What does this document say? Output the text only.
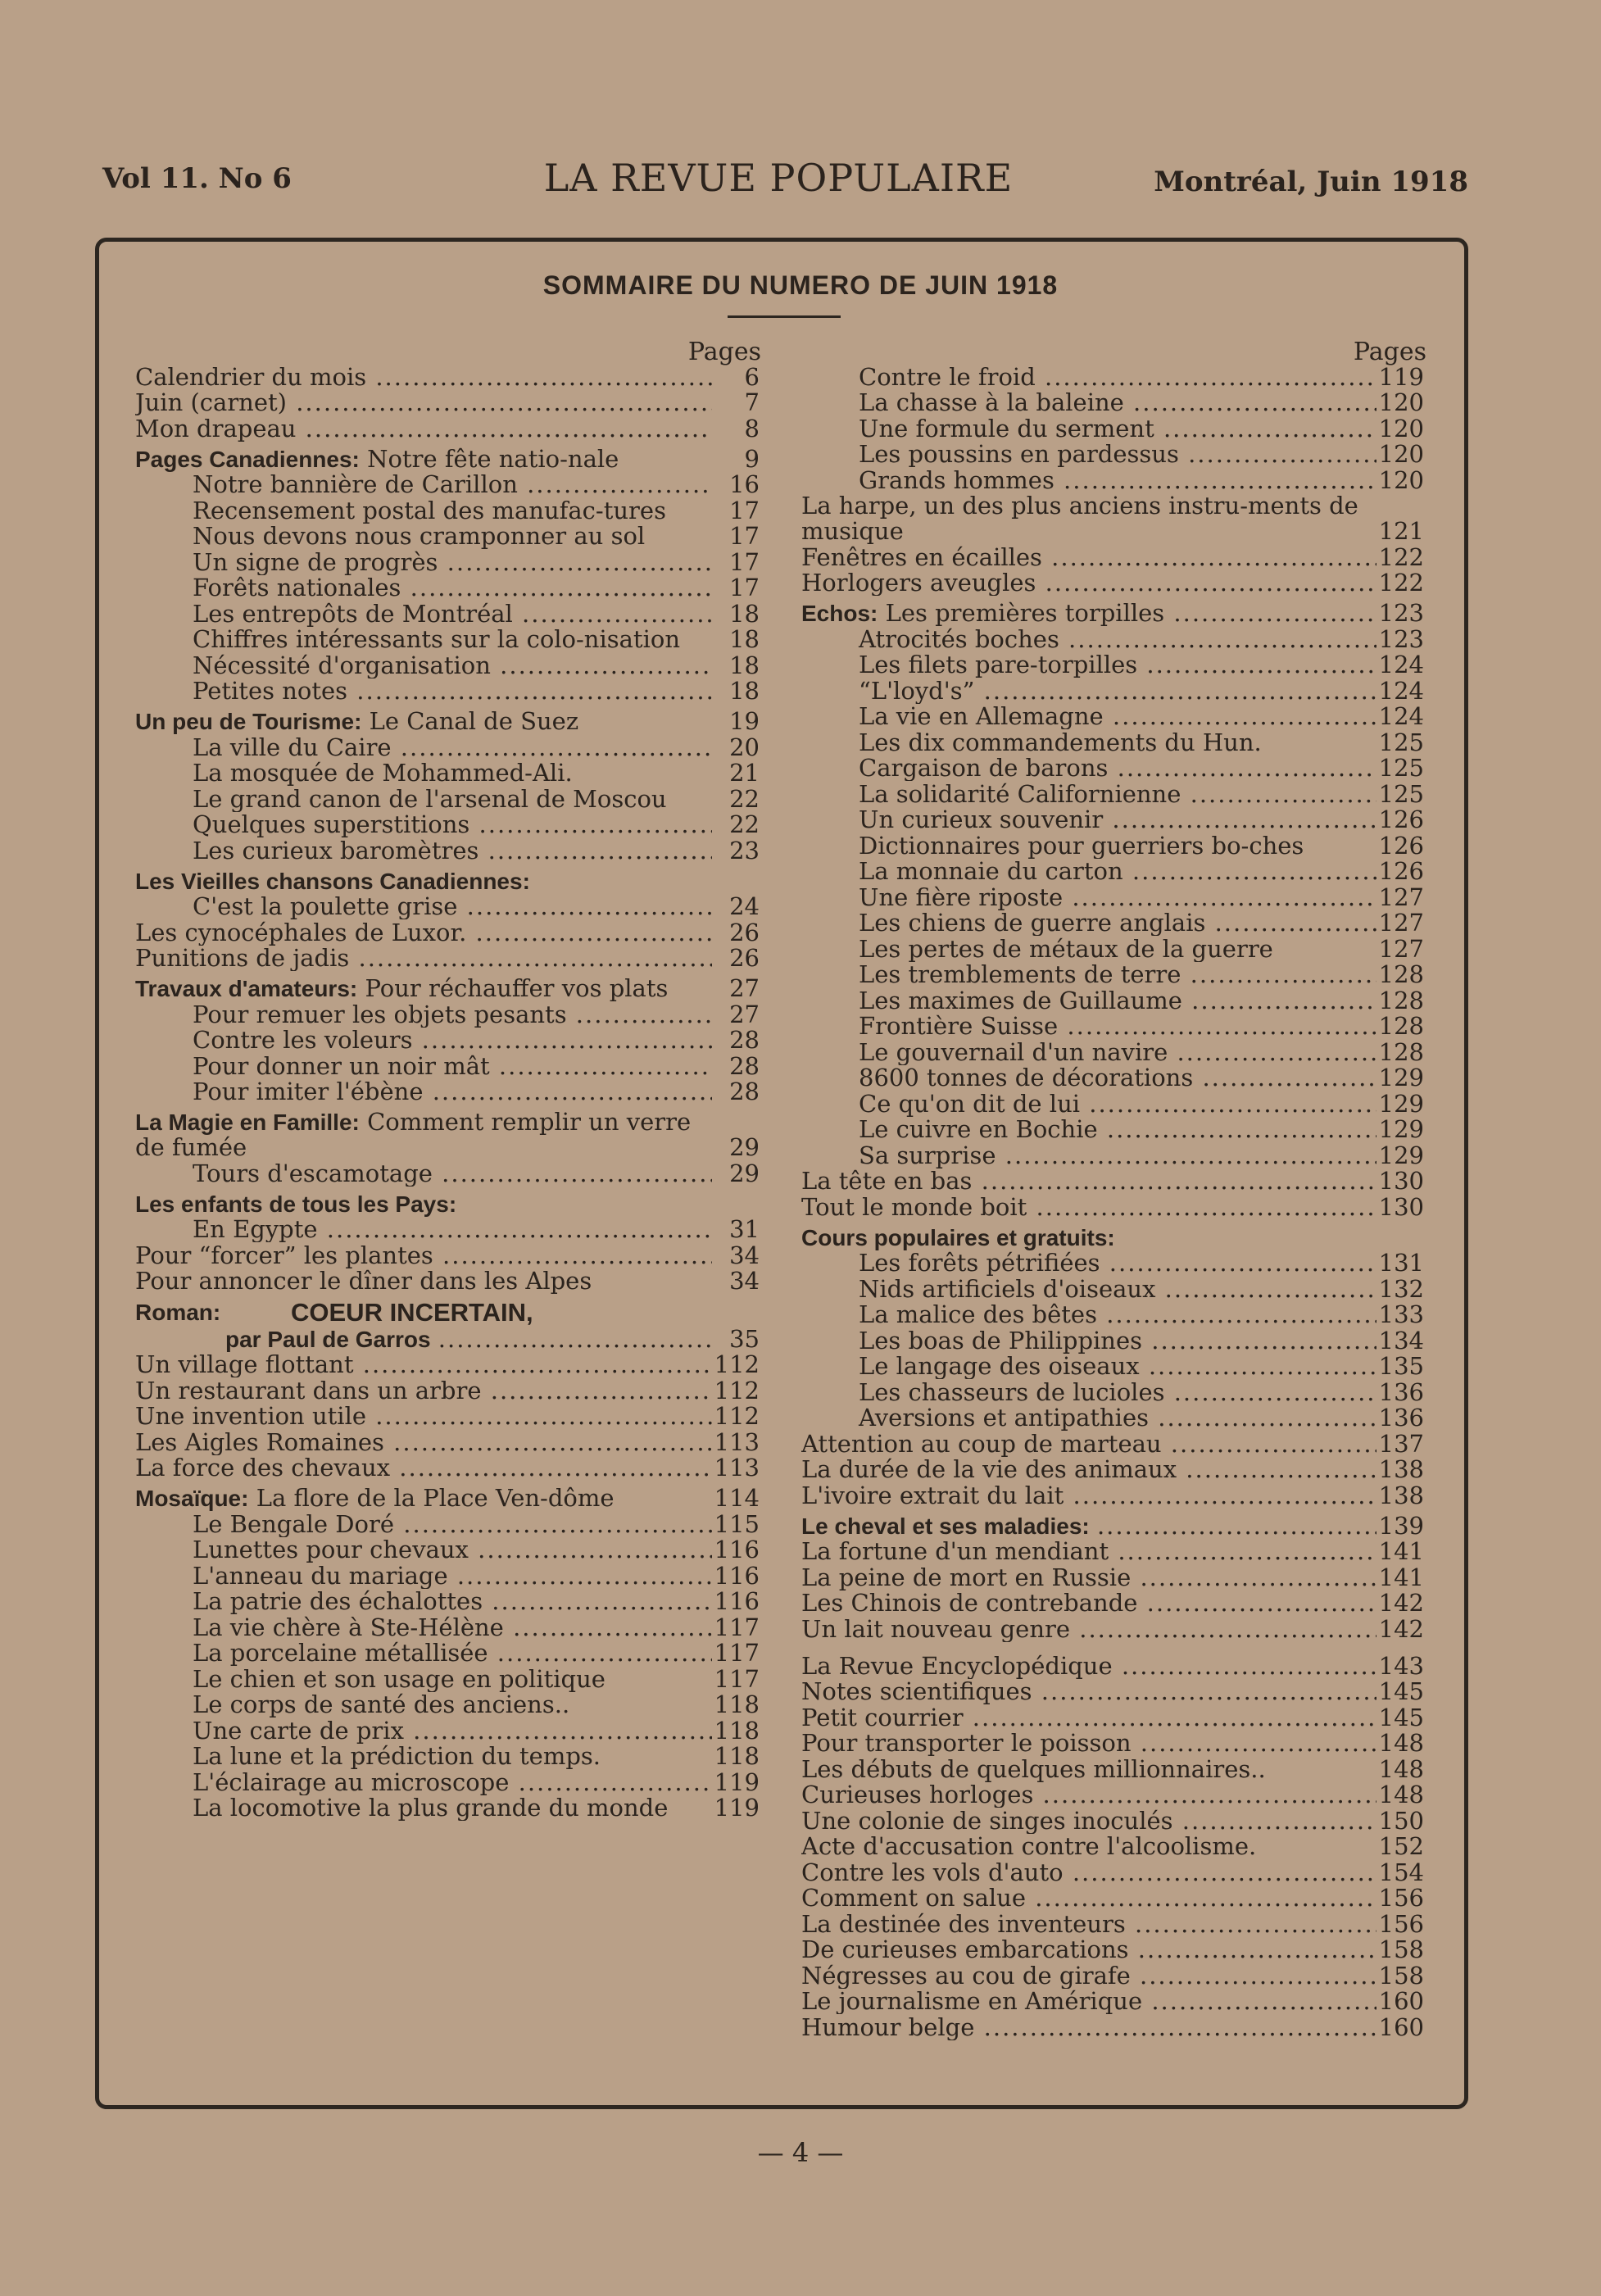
Vol 11. No 6	LA REVUE POPULAIRE	Montréal, Juin 1918
SOMMAIRE DU NUMERO DE JUIN 1918
Pages
Calendrier du mois .....	6
Juin (carnet) .....	7
Mon drapeau .....	8
Pages Canadiennes: Notre fête natio-nale	9
Notre bannière de Carillon .....	16
Recensement postal des manufac-tures	17
Nous devons nous cramponner au sol	17
Un signe de progrès .....	17
Forêts nationales .....	17
Les entrepôts de Montréal .....	18
Chiffres intéressants sur la colo-nisation	18
Nécessité d'organisation .....	18
Petites notes .....	18
Un peu de Tourisme: Le Canal de Suez	19
La ville du Caire .....	20
La mosquée de Mohammed-Ali.	21
Le grand canon de l'arsenal de Moscou	22
Quelques superstitions .....	22
Les curieux baromètres .....	23
Les Vieilles chansons Canadiennes:
C'est la poulette grise .....	24
Les cynocéphales de Luxor. .....	26
Punitions de jadis .....	26
Travaux d'amateurs: Pour réchauffer vos plats	27
Pour remuer les objets pesants .....	27
Contre les voleurs .....	28
Pour donner un noir mât .....	28
Pour imiter l'ébène .....	28
La Magie en Famille: Comment remplir un verre de fumée	29
Tours d'escamotage .....	29
Les enfants de tous les Pays:
En Egypte .....	31
Pour “forcer” les plantes .....	34
Pour annoncer le dîner dans les Alpes	34
Roman:	COEUR INCERTAIN,
par Paul de Garros .....	35
Un village flottant .....	112
Un restaurant dans un arbre .....	112
Une invention utile .....	112
Les Aigles Romaines .....	113
La force des chevaux .....	113
Mosaïque: La flore de la Place Ven-dôme	114
Le Bengale Doré .....	115
Lunettes pour chevaux .....	116
L'anneau du mariage .....	116
La patrie des échalottes .....	116
La vie chère à Ste-Hélène .....	117
La porcelaine métallisée .....	117
Le chien et son usage en politique	117
Le corps de santé des anciens..	118
Une carte de prix .....	118
La lune et la prédiction du temps.	118
L'éclairage au microscope .....	119
La locomotive la plus grande du monde	119
Pages
Contre le froid .....	119
La chasse à la baleine .....	120
Une formule du serment .....	120
Les poussins en pardessus .....	120
Grands hommes .....	120
La harpe, un des plus anciens instru-ments de musique	121
Fenêtres en écailles .....	122
Horlogers aveugles .....	122
Echos: Les premières torpilles .....	123
Atrocités boches .....	123
Les filets pare-torpilles .....	124
“L'loyd's” .....	124
La vie en Allemagne .....	124
Les dix commandements du Hun.	125
Cargaison de barons .....	125
La solidarité Californienne .....	125
Un curieux souvenir .....	126
Dictionnaires pour guerriers bo-ches	126
La monnaie du carton .....	126
Une fière riposte .....	127
Les chiens de guerre anglais .....	127
Les pertes de métaux de la guerre	127
Les tremblements de terre .....	128
Les maximes de Guillaume .....	128
Frontière Suisse .....	128
Le gouvernail d'un navire .....	128
8600 tonnes de décorations .....	129
Ce qu'on dit de lui .....	129
Le cuivre en Bochie .....	129
Sa surprise .....	129
La tête en bas .....	130
Tout le monde boit .....	130
Cours populaires et gratuits:
Les forêts pétrifiées .....	131
Nids artificiels d'oiseaux .....	132
La malice des bêtes .....	133
Les boas de Philippines .....	134
Le langage des oiseaux .....	135
Les chasseurs de lucioles .....	136
Aversions et antipathies .....	136
Attention au coup de marteau .....	137
La durée de la vie des animaux .....	138
L'ivoire extrait du lait .....	138
Le cheval et ses maladies: .....	139
La fortune d'un mendiant .....	141
La peine de mort en Russie .....	141
Les Chinois de contrebande .....	142
Un lait nouveau genre .....	142
La Revue Encyclopédique .....	143
Notes scientifiques .....	145
Petit courrier .....	145
Pour transporter le poisson .....	148
Les débuts de quelques millionnaires..	148
Curieuses horloges .....	148
Une colonie de singes inoculés .....	150
Acte d'accusation contre l'alcoolisme.	152
Contre les vols d'auto .....	154
Comment on salue .....	156
La destinée des inventeurs .....	156
De curieuses embarcations .....	158
Négresses au cou de girafe .....	158
Le journalisme en Amérique .....	160
Humour belge .....	160
— 4 —
